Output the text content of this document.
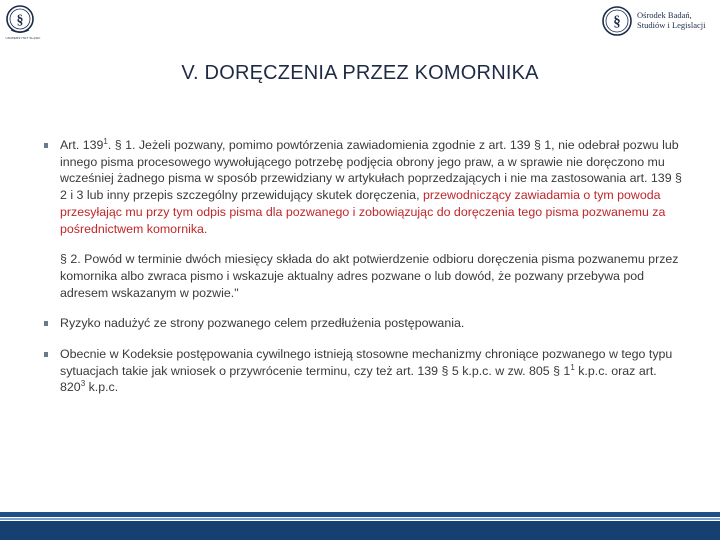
§
UNIWERSYTET ŚLĄSKI
§ Ośrodek Badań,
Studiów i Legislacji
V. DORĘCZENIA PRZEZ KOMORNIKA
Art. $139^1$. § 1. Jeżeli pozwany, pomimo powtórzenia zawiadomienia zgodnie z art. 139 § 1, nie odebrał pozwu lub innego pisma procesowego wywołującego potrzebę podjęcia obrony jego praw, a w sprawie nie doręczono mu wcześniej żadnego pisma w sposób przewidziany w artykułach poprzedzających i nie ma zastosowania art. 139 § 2 i 3 lub inny przepis szczególny przewidujący skutek doręczenia, przewodniczący zawiadamia o tym powoda przesyłając mu przy tym odpis pisma dla pozwanego i zobowiązując do doręczenia tego pisma pozwanemu za pośrednictwem komornika.
§ 2. Powód w terminie dwóch miesięcy składa do akt potwierdzenie odbioru doręczenia pisma pozwanemu przez komornika albo zwraca pismo i wskazuje aktualny adres pozwane o lub dowód, że pozwany przebywa pod adresem wskazanym w pozwie."
Ryzyko nadużyć ze strony pozwanego celem przedłużenia postępowania.
Obecnie w Kodeksie postępowania cywilnego istnieją stosowne mechanizmy chroniące pozwanego w tego typu sytuacjach takie jak wniosek o przywrócenie terminu, czy też art. 139 § 5 k.p.c. w zw. 805 § $1^1$ k.p.c. oraz art. $820^3$ k.p.c.
